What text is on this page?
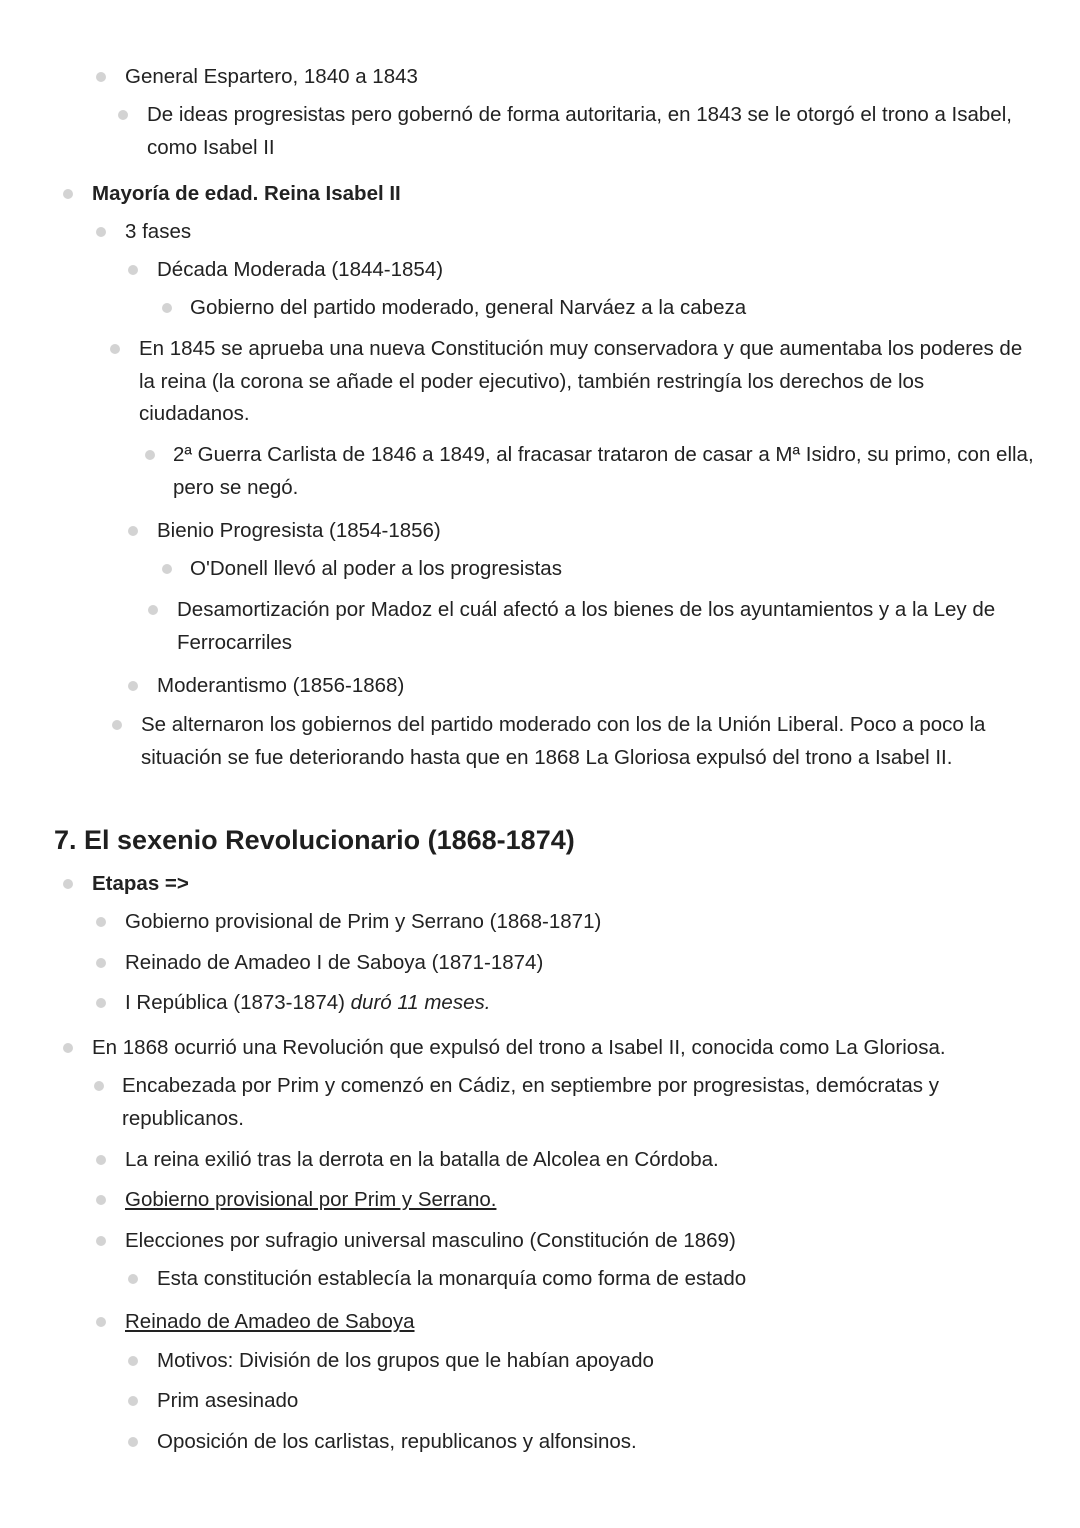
General Espartero, 1840 a 1843

De ideas progresistas pero gobernó de forma autoritaria, en 1843 se le otorgó el trono a Isabel, como Isabel II

Mayoría de edad. Reina Isabel II

3 fases

Década Moderada (1844-1854)

Gobierno del partido moderado, general Narváez a la cabeza

En 1845 se aprueba una nueva Constitución muy conservadora y que aumentaba los poderes de la reina (la corona se añade el poder ejecutivo), también restringía los derechos de los ciudadanos.

2ª Guerra Carlista de 1846 a 1849, al fracasar trataron de casar a Mª Isidro, su primo, con ella, pero se negó.

Bienio Progresista (1854-1856)

O'Donell llevó al poder a los progresistas

Desamortización por Madoz el cuál afectó a los bienes de los ayuntamientos y a la Ley de Ferrocarriles

Moderantismo (1856-1868)

Se alternaron los gobiernos del partido moderado con los de la Unión Liberal. Poco a poco la situación se fue deteriorando hasta que en 1868 La Gloriosa expulsó del trono a Isabel II.

7. El sexenio Revolucionario (1868-1874)

Etapas =>

Gobierno provisional de Prim y Serrano (1868-1871)

Reinado de Amadeo I de Saboya (1871-1874)

I República (1873-1874) duró 11 meses.

En 1868 ocurrió una Revolución que expulsó del trono a Isabel II, conocida como La Gloriosa.

Encabezada por Prim y comenzó en Cádiz, en septiembre por progresistas, demócratas y republicanos.

La reina exilió tras la derrota en la batalla de Alcolea en Córdoba.

Gobierno provisional por Prim y Serrano.

Elecciones por sufragio universal masculino (Constitución de 1869)

Esta constitución establecía la monarquía como forma de estado

Reinado de Amadeo de Saboya

Motivos: División de los grupos que le habían apoyado

Prim asesinado

Oposición de los carlistas, republicanos y alfonsinos.
